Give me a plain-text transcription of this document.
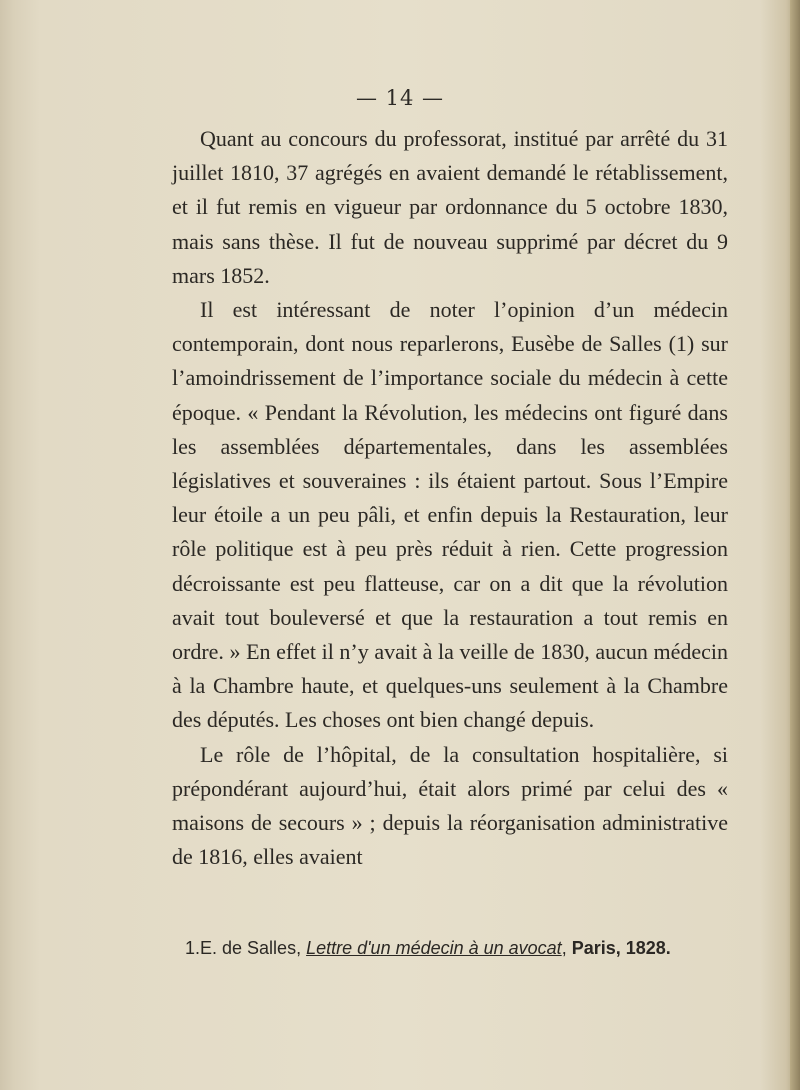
— 14 —

Quant au concours du professorat, institué par arrêté du 31 juillet 1810, 37 agrégés en avaient demandé le rétablissement, et il fut remis en vigueur par ordonnance du 5 octobre 1830, mais sans thèse. Il fut de nouveau supprimé par décret du 9 mars 1852.

Il est intéressant de noter l’opinion d’un médecin contemporain, dont nous reparlerons, Eusèbe de Salles (1) sur l’amoindrissement de l’importance sociale du médecin à cette époque. « Pendant la Révolution, les médecins ont figuré dans les assemblées départementales, dans les assemblées législatives et souveraines : ils étaient partout. Sous l’Empire leur étoile a un peu pâli, et enfin depuis la Restauration, leur rôle politique est à peu près réduit à rien. Cette progression décroissante est peu flatteuse, car on a dit que la révolution avait tout bouleversé et que la restauration a tout remis en ordre. » En effet il n’y avait à la veille de 1830, aucun médecin à la Chambre haute, et quelques-uns seulement à la Chambre des députés. Les choses ont bien changé depuis.

Le rôle de l’hôpital, de la consultation hospitalière, si prépondérant aujourd’hui, était alors primé par celui des « maisons de secours » ; depuis la réorganisation administrative de 1816, elles avaient

1.E. de Salles, Lettre d'un médecin à un avocat, Paris, 1828.
